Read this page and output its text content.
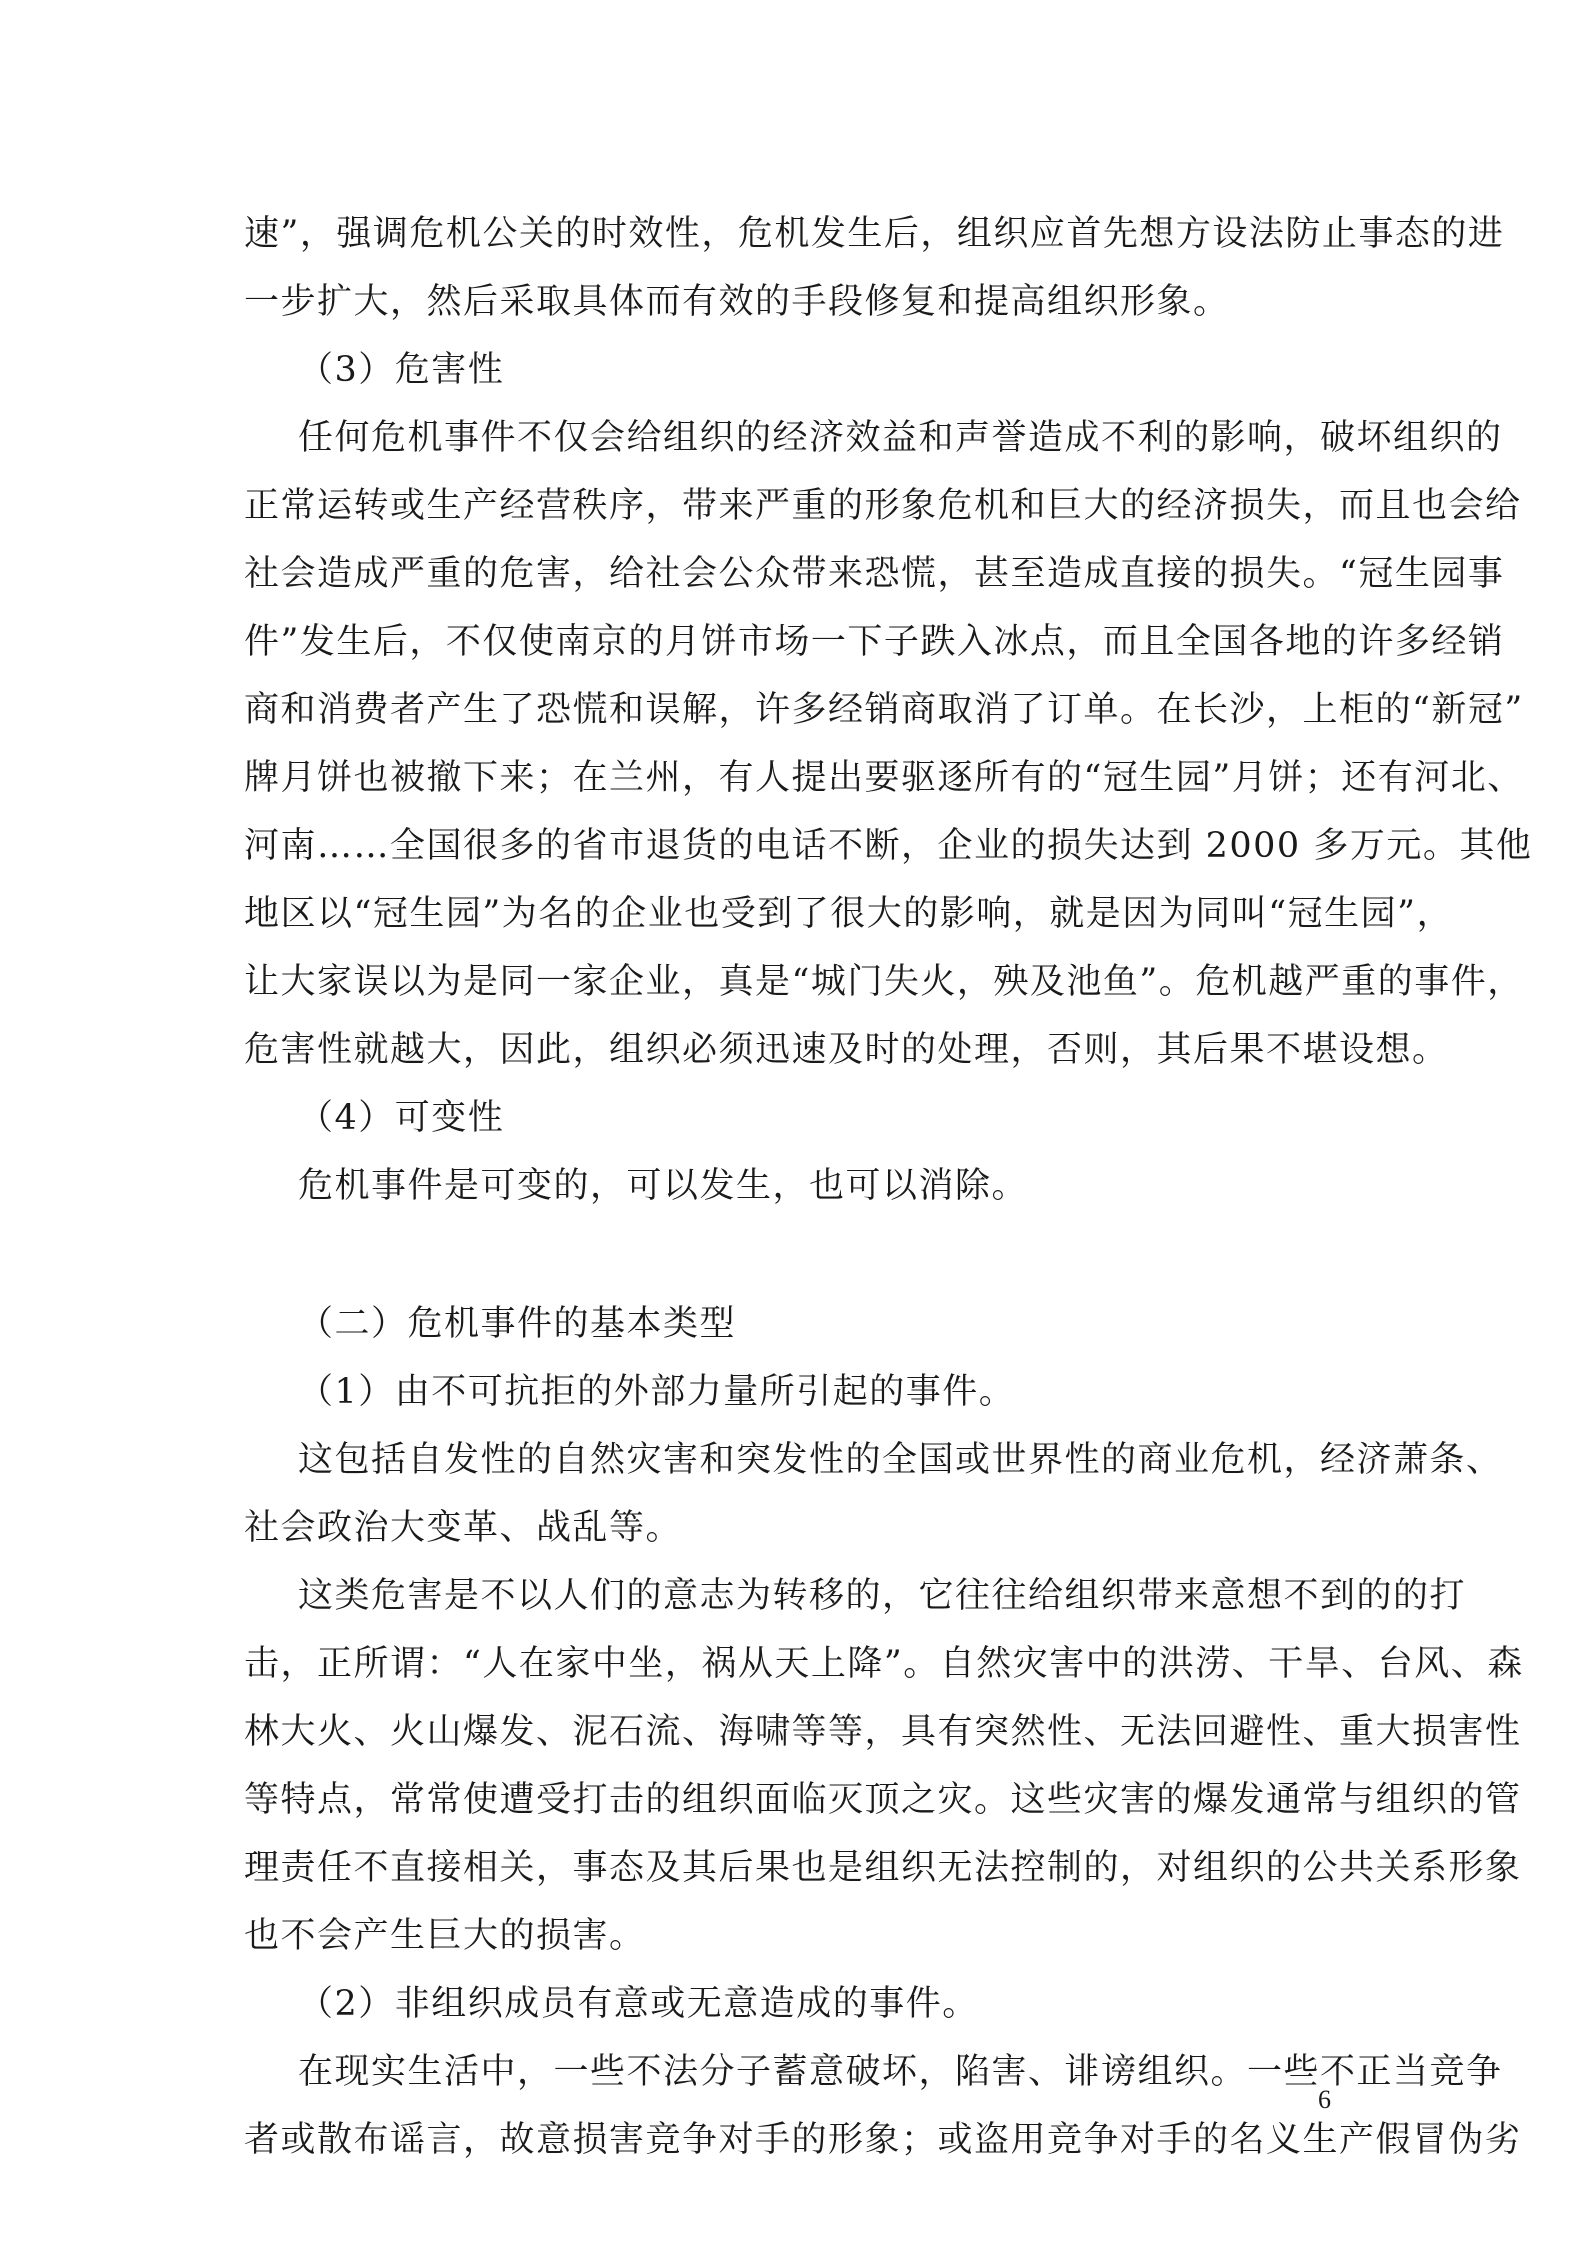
速”，强调危机公关的时效性，危机发生后，组织应首先想方设法防止事态的进
一步扩大，然后采取具体而有效的手段修复和提高组织形象。
（3）危害性
任何危机事件不仅会给组织的经济效益和声誉造成不利的影响，破坏组织的
正常运转或生产经营秩序，带来严重的形象危机和巨大的经济损失，而且也会给
社会造成严重的危害，给社会公众带来恐慌，甚至造成直接的损失。“冠生园事
件”发生后，不仅使南京的月饼市场一下子跌入冰点，而且全国各地的许多经销
商和消费者产生了恐慌和误解，许多经销商取消了订单。在长沙，上柜的“新冠”
牌月饼也被撤下来；在兰州，有人提出要驱逐所有的“冠生园”月饼；还有河北、
河南……全国很多的省市退货的电话不断，企业的损失达到 2000 多万元。其他
地区以“冠生园”为名的企业也受到了很大的影响，就是因为同叫“冠生园”，
让大家误以为是同一家企业，真是“城门失火，殃及池鱼”。危机越严重的事件，
危害性就越大，因此，组织必须迅速及时的处理，否则，其后果不堪设想。
（4）可变性
危机事件是可变的，可以发生，也可以消除。
（二）危机事件的基本类型
（1）由不可抗拒的外部力量所引起的事件。
这包括自发性的自然灾害和突发性的全国或世界性的商业危机，经济萧条、
社会政治大变革、战乱等。
这类危害是不以人们的意志为转移的，它往往给组织带来意想不到的的打
击，正所谓：“人在家中坐，祸从天上降”。自然灾害中的洪涝、干旱、台风、森
林大火、火山爆发、泥石流、海啸等等，具有突然性、无法回避性、重大损害性
等特点，常常使遭受打击的组织面临灭顶之灾。这些灾害的爆发通常与组织的管
理责任不直接相关，事态及其后果也是组织无法控制的，对组织的公共关系形象
也不会产生巨大的损害。
（2）非组织成员有意或无意造成的事件。
在现实生活中，一些不法分子蓄意破坏，陷害、诽谤组织。一些不正当竞争
者或散布谣言，故意损害竞争对手的形象；或盗用竞争对手的名义生产假冒伪劣
6
